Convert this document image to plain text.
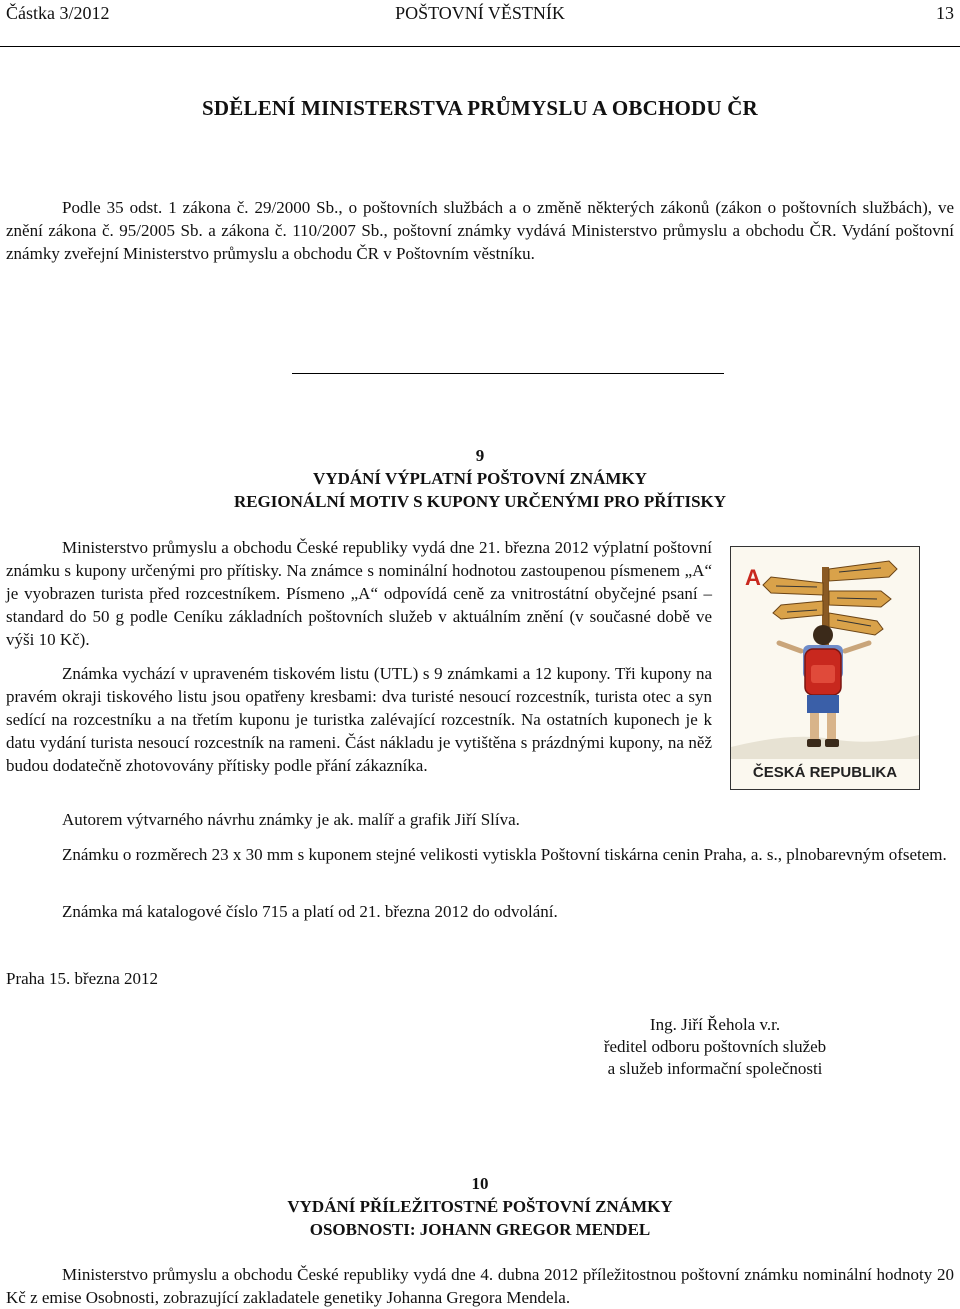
Částka 3/2012	POŠTOVNÍ VĚSTNÍK	13
SDĚLENÍ MINISTERSTVA PRŮMYSLU A OBCHODU ČR
Podle 35 odst. 1 zákona č. 29/2000 Sb., o poštovních službách a o změně některých zákonů (zákon o poštovních službách), ve znění zákona č. 95/2005 Sb. a zákona č. 110/2007 Sb., poštovní známky vydává Ministerstvo průmyslu a obchodu ČR. Vydání poštovní známky zveřejní Ministerstvo průmyslu a obchodu ČR v Poštovním věstníku.
9
VYDÁNÍ VÝPLATNÍ POŠTOVNÍ ZNÁMKY
REGIONÁLNÍ MOTIV S KUPONY URČENÝMI PRO PŘÍTISKY
Ministerstvo průmyslu a obchodu České republiky vydá dne 21. března 2012 výplatní poštovní známku s kupony určenými pro přítisky. Na známce s nominální hodnotou zastoupenou písmenem „A“ je vyobrazen turista před rozcestníkem. Písmeno „A“ odpovídá ceně za vnitrostátní obyčejné psaní – standard do 50 g podle Ceníku základních poštovních služeb v aktuálním znění (v současné době ve výši 10 Kč).
Známka vychází v upraveném tiskovém listu (UTL) s 9 známkami a 12 kupony. Tři kupony na pravém okraji tiskového listu jsou opatřeny kresbami: dva turisté nesoucí rozcestník, turista otec a syn sedící na rozcestníku a na třetím kuponu je turistka zalévající rozcestník. Na ostatních kuponech je k datu vydání turista nesoucí rozcestník na rameni. Část nákladu je vytištěna s prázdnými kupony, na něž budou dodatečně zhotovovány přítisky podle přání zákazníka.
A
ČESKÁ REPUBLIKA
Autorem výtvarného návrhu známky je ak. malíř a grafik Jiří Slíva.
Známku o rozměrech 23 x 30 mm s kuponem stejné velikosti vytiskla Poštovní tiskárna cenin Praha, a. s., plnobarevným ofsetem.
Známka má katalogové číslo 715 a platí od 21. března 2012 do odvolání.
Praha 15. března 2012
Ing. Jiří Řehola v.r.
ředitel odboru poštovních služeb
a služeb informační společnosti
10
VYDÁNÍ PŘÍLEŽITOSTNÉ POŠTOVNÍ ZNÁMKY
OSOBNOSTI: JOHANN GREGOR MENDEL
Ministerstvo průmyslu a obchodu České republiky vydá dne 4. dubna 2012 příležitostnou poštovní známku nominální hodnoty 20 Kč z emise Osobnosti, zobrazující zakladatele genetiky Johanna Gregora Mendela.
